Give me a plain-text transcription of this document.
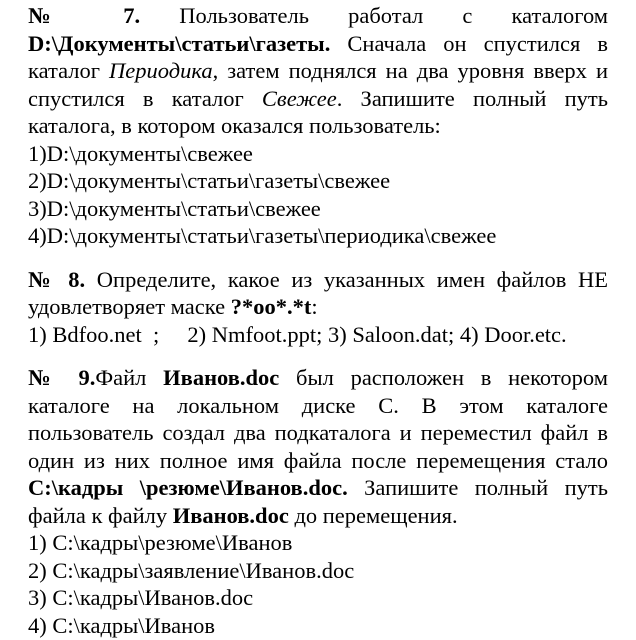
№ 7. Пользователь работал с каталогом D:\Документы\статьи\газеты. Сначала он спустился в каталог Периодика, затем поднялся на два уровня вверх и спустился в каталог Свежее. Запишите полный путь каталога, в котором оказался пользователь:

1)D:\документы\свежее
2)D:\документы\статьи\газеты\свежее
3)D:\документы\статьи\свежее
4)D:\документы\статьи\газеты\периодика\свежее

№ 8. Определите, какое из указанных имен файлов НЕ удовлетворяет маске ?*oo*.*t:

1) Bdfoo.net  ;     2) Nmfoot.ppt; 3) Saloon.dat; 4) Door.etc.

№ 9.Файл Иванов.doc был расположен в некотором каталоге на локальном диске С. В этом каталоге пользователь создал два подкаталога и переместил файл в один из них полное имя файла после перемещения стало С:\кадры \резюме\Иванов.doc. Запишите полный путь файла к файлу Иванов.doc до перемещения.

1) С:\кадры\резюме\Иванов
2) С:\кадры\заявление\Иванов.doc
3) С:\кадры\Иванов.doc
4) С:\кадры\Иванов
